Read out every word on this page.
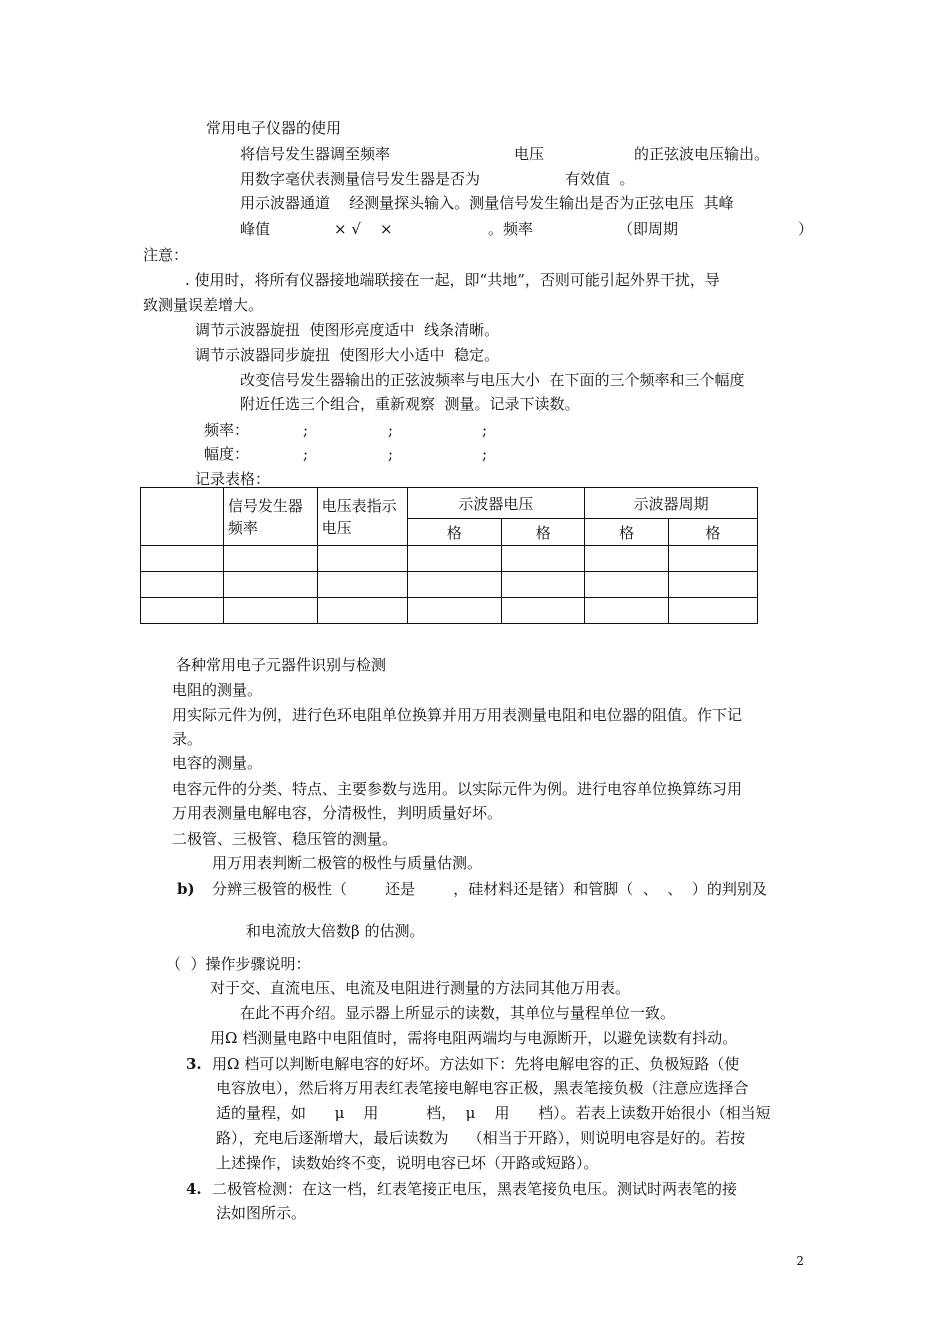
常用电子仪器的使用
将信号发生器调至频率	电压	的正弦波电压输出。
用数字毫伏表测量信号发生器是否为	有效值  。
用示波器通道    经测量探头输入。测量信号发生输出是否为正弦电压  其峰
峰值	× √    ×	。频率	（即周期	）
注意：
. 使用时，将所有仪器接地端联接在一起，即“共地”，否则可能引起外界干扰，导
致测量误差增大。
调节示波器旋扭  使图形亮度适中  线条清晰。
调节示波器同步旋扭  使图形大小适中  稳定。
改变信号发生器输出的正弦波频率与电压大小  在下面的三个频率和三个幅度
附近任选三个组合，重新观察  测量。记录下读数。
频率：	;	;	;
幅度：	;	;	;
记录表格：
	信号发生器频率	电压表指示电压	示波器电压		示波器周期	
			格	格	格	格

各种常用电子元器件识别与检测
电阻的测量。
用实际元件为例，进行色环电阻单位换算并用万用表测量电阻和电位器的阻值。作下记
录。
电容的测量。
电容元件的分类、特点、主要参数与选用。以实际元件为例。进行电容单位换算练习用
万用表测量电解电容，分清极性，判明质量好坏。
二极管、三极管、稳压管的测量。
用万用表判断二极管的极性与质量估测。
b) 分辨三极管的极性（        还是        ，硅材料还是锗）和管脚（  、  、  ）的判别及
和电流放大倍数β 的估测。
（  ）操作步骤说明：
对于交、直流电压、电流及电阻进行测量的方法同其他万用表。
在此不再介绍。显示器上所显示的读数，其单位与量程单位一致。
用Ω 档测量电路中电阻值时，需将电阻两端均与电源断开，以避免读数有抖动。
3. 用Ω 档可以判断电解电容的好坏。方法如下：先将电解电容的正、负极短路（使
电容放电），然后将万用表红表笔接电解电容正极，黑表笔接负极（注意应选择合
适的量程，如      μ    用          档，  μ    用      档）。若表上读数开始很小（相当短
路），充电后逐渐增大，最后读数为    （相当于开路），则说明电容是好的。若按
上述操作，读数始终不变，说明电容已坏（开路或短路）。
4. 二极管检测：在这一档，红表笔接正电压，黑表笔接负电压。测试时两表笔的接
法如图所示。
2
